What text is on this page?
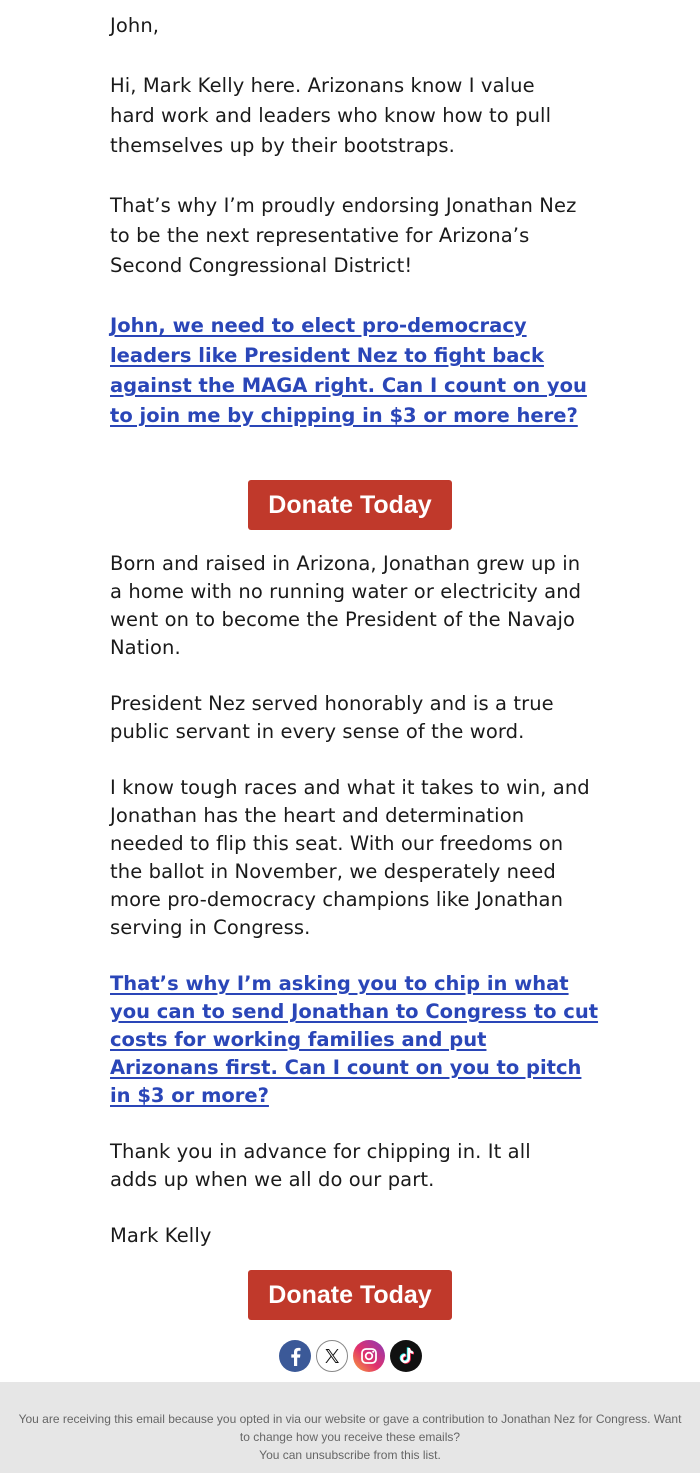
John,

Hi, Mark Kelly here. Arizonans know I value hard work and leaders who know how to pull themselves up by their bootstraps.

That’s why I’m proudly endorsing Jonathan Nez to be the next representative for Arizona’s Second Congressional District!

John, we need to elect pro-democracy leaders like President Nez to fight back against the MAGA right. Can I count on you to join me by chipping in $3 or more here?

Born and raised in Arizona, Jonathan grew up in a home with no running water or electricity and went on to become the President of the Navajo Nation.

President Nez served honorably and is a true public servant in every sense of the word.

I know tough races and what it takes to win, and Jonathan has the heart and determination needed to flip this seat. With our freedoms on the ballot in November, we desperately need more pro-democracy champions like Jonathan serving in Congress.

That’s why I’m asking you to chip in what you can to send Jonathan to Congress to cut costs for working families and put Arizonans first. Can I count on you to pitch in $3 or more?

Thank you in advance for chipping in. It all adds up when we all do our part.

Mark Kelly

Donate Today
Donate Today
You are receiving this email because you opted in via our website or gave a contribution to Jonathan Nez for Congress. Want to change how you receive these emails?
You can unsubscribe from this list.
